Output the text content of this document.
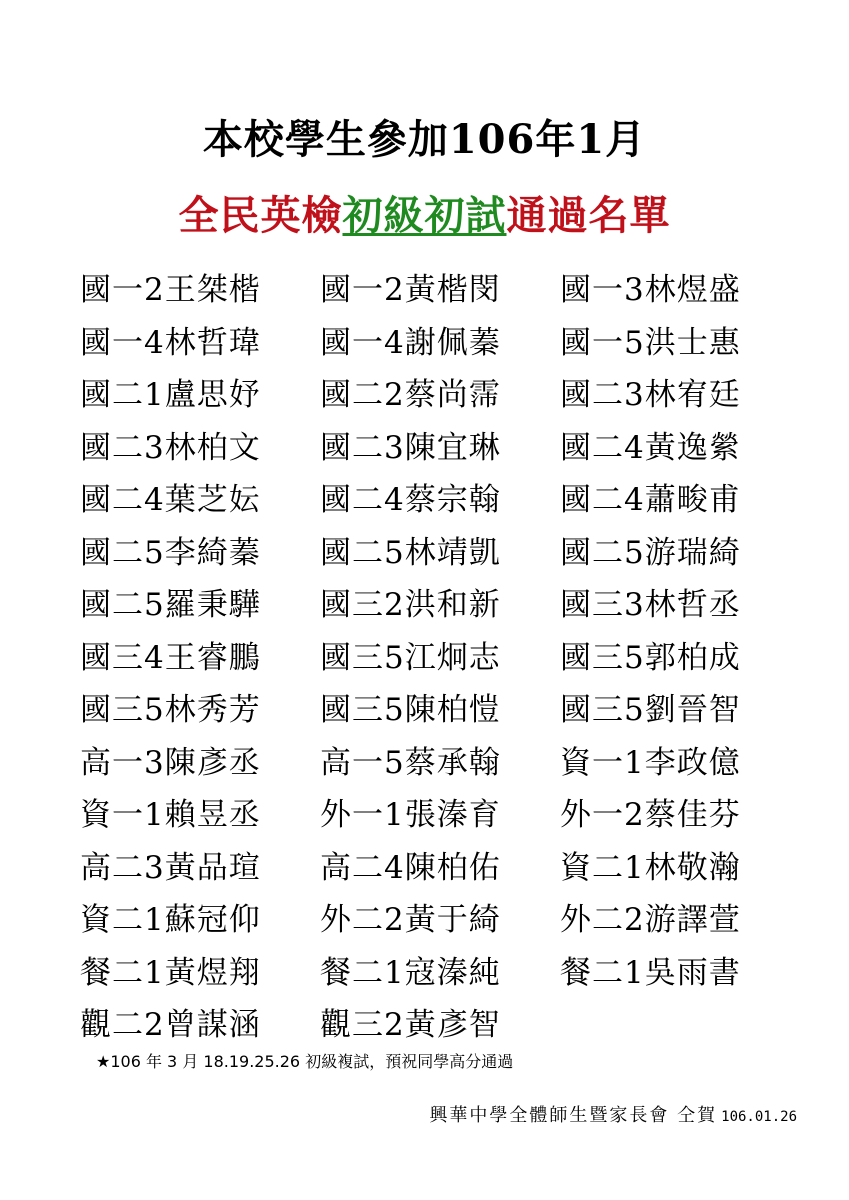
本校學生參加106年1月
全民英檢初級初試通過名單
國一2王桀楷	國一2黃楷閔	國一3林煜盛
國一4林哲瑋	國一4謝佩蓁	國一5洪士惠
國二1盧思妤	國二2蔡尚霈	國二3林宥廷
國二3林柏文	國二3陳宜琳	國二4黃逸縈
國二4葉芝妘	國二4蔡宗翰	國二4蕭畯甫
國二5李綺蓁	國二5林靖凱	國二5游瑞綺
國二5羅秉驊	國三2洪和新	國三3林哲丞
國三4王睿鵬	國三5江炯志	國三5郭柏成
國三5林秀芳	國三5陳柏愷	國三5劉晉智
高一3陳彥丞	高一5蔡承翰	資一1李政億
資一1賴昱丞	外一1張溱育	外一2蔡佳芬
高二3黃品瑄	高二4陳柏佑	資二1林敬瀚
資二1蘇冠仰	外二2黃于綺	外二2游譯萱
餐二1黃煜翔	餐二1寇溱純	餐二1吳雨書
觀二2曾謀涵	觀三2黃彥智
★106 年 3 月 18.19.25.26 初級複試，預祝同學高分通過
興華中學全體師生暨家長會 仝賀 106.01.26
